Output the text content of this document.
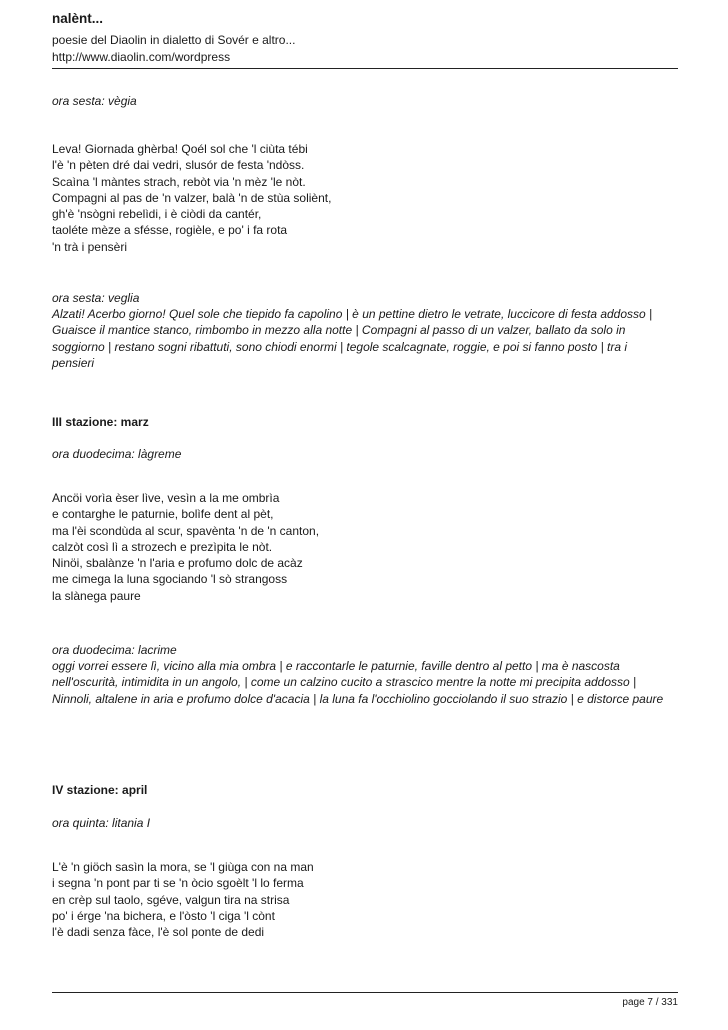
nalènt...
poesie del Diaolin in dialetto di Sovér e altro...
http://www.diaolin.com/wordpress
ora sesta: vègia
Leva! Giornada ghèrba! Qoél sol che 'l ciùta tébi
l'è 'n pèten dré dai vedri, slusór de festa 'ndòss.
Scaìna 'l màntes strach, rebòt via 'n mèz 'le nòt.
Compagni al pas de 'n valzer, balà 'n de stùa soliènt,
gh'è 'nsògni rebelìdi, i è ciòdi da cantér,
taoléte mèze a sfésse, rogièle, e po' i fa rota
'n trà i pensèri
ora sesta: veglia
Alzati! Acerbo giorno! Quel sole che tiepido fa capolino | è un pettine dietro le vetrate, luccicore di festa addosso |
Guaisce il mantice stanco, rimbombo in mezzo alla notte | Compagni al passo di un valzer, ballato da solo in
soggiorno | restano sogni ribattuti, sono chiodi enormi | tegole scalcagnate, roggie, e poi si fanno posto | tra i
pensieri
III stazione: marz
ora duodecima: làgreme
Ancöi vorìa èser lìve, vesìn a la me ombrìa
e contarghe le paturnie, bolìfe dent al pèt,
ma l'èi scondùda al scur, spavènta 'n de 'n canton,
calzòt così lì a strozech e prezìpita le nòt.
Ninöi, sbalànze 'n l'aria e profumo dolc de acàz
me cimega la luna sgociando 'l sò strangoss
la slànega paure
ora duodecima: lacrime
oggi vorrei essere lì, vicino alla mia ombra | e raccontarle le paturnie, faville dentro al petto | ma è nascosta
nell'oscurità, intimidita in un angolo, | come un calzino cucito a strascico mentre la notte mi precipita addosso |
Ninnoli, altalene in aria e profumo dolce d'acacia | la luna fa l'occhiolino gocciolando il suo strazio | e distorce paure
IV stazione: april
ora quinta: litania I
L'è 'n giöch sasìn la mora, se 'l giùga con na man
i segna 'n pont par ti se 'n òcio sgoèlt 'l lo ferma
en crèp sul taolo, sgéve, valgun tira na strisa
po' i érge 'na bichera, e l'òsto 'l ciga 'l cònt
l'è dadi senza fàce, l'è sol ponte de dedi
page 7 / 331
